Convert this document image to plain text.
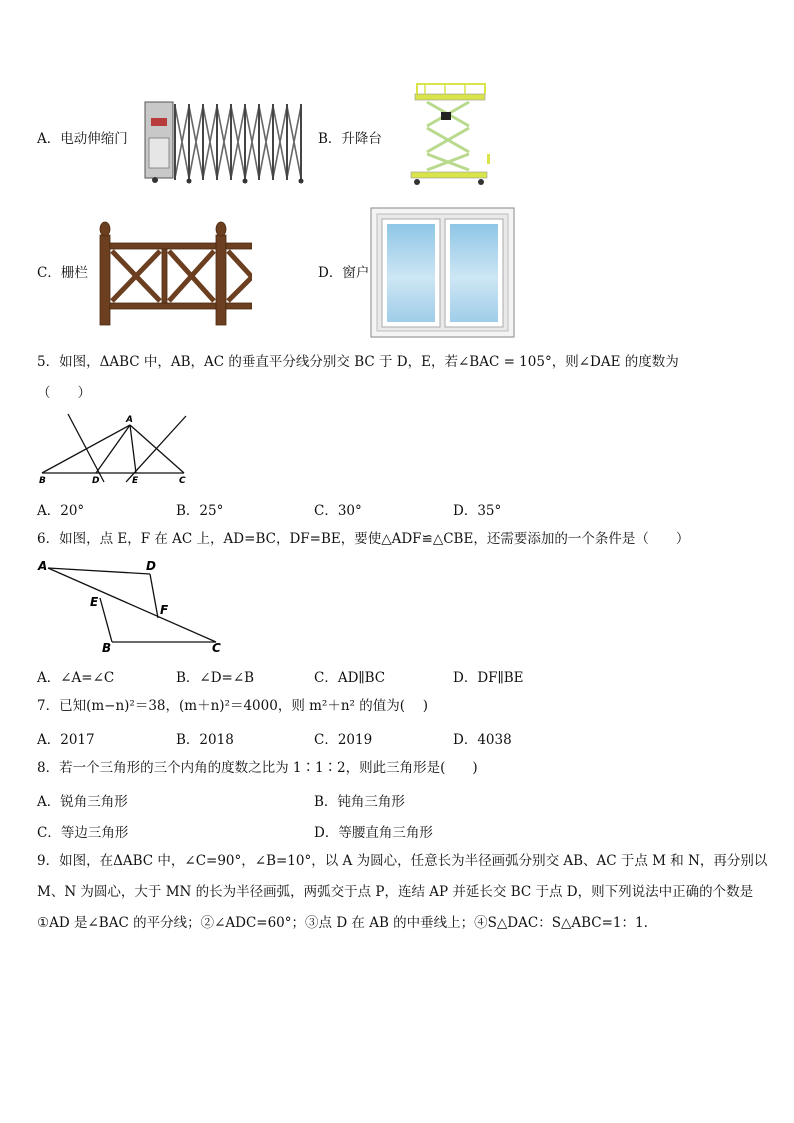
A．电动伸缩门	B．升降台
C．栅栏	D．窗户
5．如图，ΔABC 中，AB，AC 的垂直平分线分别交 BC 于 D，E，若∠BAC = 105°，则∠DAE 的度数为
（　　）
A
B	D	E	C
A．20°	B．25°	C．30°	D．35°
6．如图，点 E，F 在 AC 上，AD=BC，DF=BE，要使△ADF≌△CBE，还需要添加的一个条件是（　　）
A	D
E
F
B	C
A．∠A=∠C	B．∠D=∠B	C．AD∥BC	D．DF∥BE
7．已知(m−n)²＝38，(m＋n)²＝4000，则 m²＋n² 的值为(　 )
A．2017	B．2018	C．2019	D．4038
8．若一个三角形的三个内角的度数之比为 1∶1∶2，则此三角形是(　　)
A．锐角三角形	B．钝角三角形
C．等边三角形	D．等腰直角三角形
9．如图，在ΔABC 中，∠C=90°，∠B=10°，以 A 为圆心，任意长为半径画弧分别交 AB、AC 于点 M 和 N，再分别以
M、N 为圆心，大于 MN 的长为半径画弧，两弧交于点 P，连结 AP 并延长交 BC 于点 D，则下列说法中正确的个数是
①AD 是∠BAC 的平分线；②∠ADC=60°；③点 D 在 AB 的中垂线上；④S△DAC：S△ABC=1：1.
